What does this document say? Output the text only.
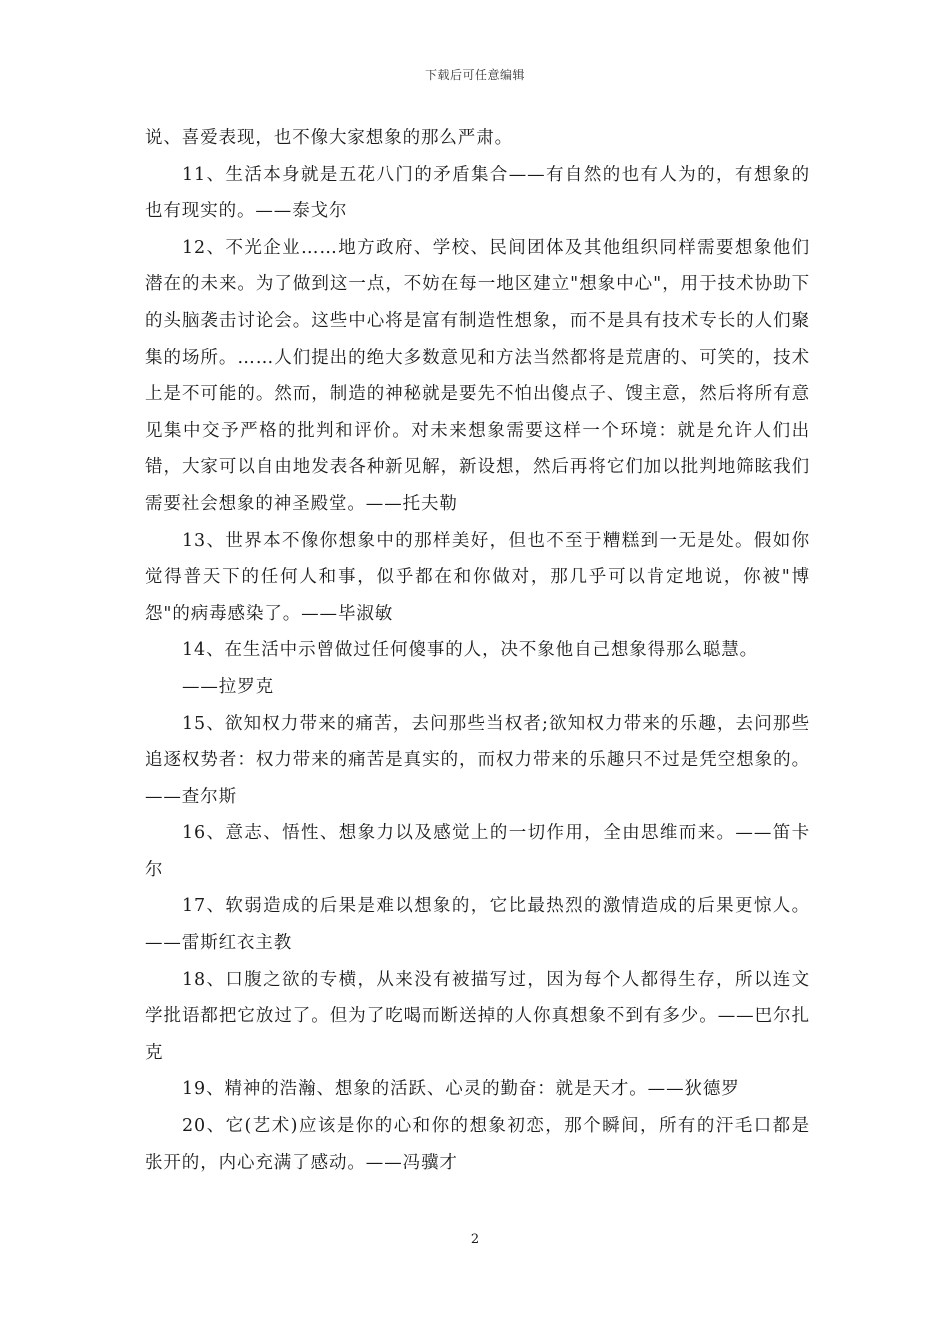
下载后可任意编辑

说、喜爱表现，也不像大家想象的那么严肃。

11、生活本身就是五花八门的矛盾集合——有自然的也有人为的，有想象的也有现实的。——泰戈尔

12、不光企业……地方政府、学校、民间团体及其他组织同样需要想象他们潜在的未来。为了做到这一点，不妨在每一地区建立"想象中心"，用于技术协助下的头脑袭击讨论会。这些中心将是富有制造性想象，而不是具有技术专长的人们聚集的场所。……人们提出的绝大多数意见和方法当然都将是荒唐的、可笑的，技术上是不可能的。然而，制造的神秘就是要先不怕出傻点子、馊主意，然后将所有意见集中交予严格的批判和评价。对未来想象需要这样一个环境：就是允许人们出错，大家可以自由地发表各种新见解，新设想，然后再将它们加以批判地筛眩我们需要社会想象的神圣殿堂。——托夫勒

13、世界本不像你想象中的那样美好，但也不至于糟糕到一无是处。假如你觉得普天下的任何人和事，似乎都在和你做对，那几乎可以肯定地说，你被"博怨"的病毒感染了。——毕淑敏

14、在生活中示曾做过任何傻事的人，决不象他自己想象得那么聪慧。

——拉罗克

15、欲知权力带来的痛苦，去问那些当权者;欲知权力带来的乐趣，去问那些追逐权势者：权力带来的痛苦是真实的，而权力带来的乐趣只不过是凭空想象的。——查尔斯

16、意志、悟性、想象力以及感觉上的一切作用，全由思维而来。——笛卡尔

17、软弱造成的后果是难以想象的，它比最热烈的激情造成的后果更惊人。——雷斯红衣主教

18、口腹之欲的专横，从来没有被描写过，因为每个人都得生存，所以连文学批语都把它放过了。但为了吃喝而断送掉的人你真想象不到有多少。——巴尔扎克

19、精神的浩瀚、想象的活跃、心灵的勤奋：就是天才。——狄德罗

20、它(艺术)应该是你的心和你的想象初恋，那个瞬间，所有的汗毛口都是张开的，内心充满了感动。——冯骥才

2
